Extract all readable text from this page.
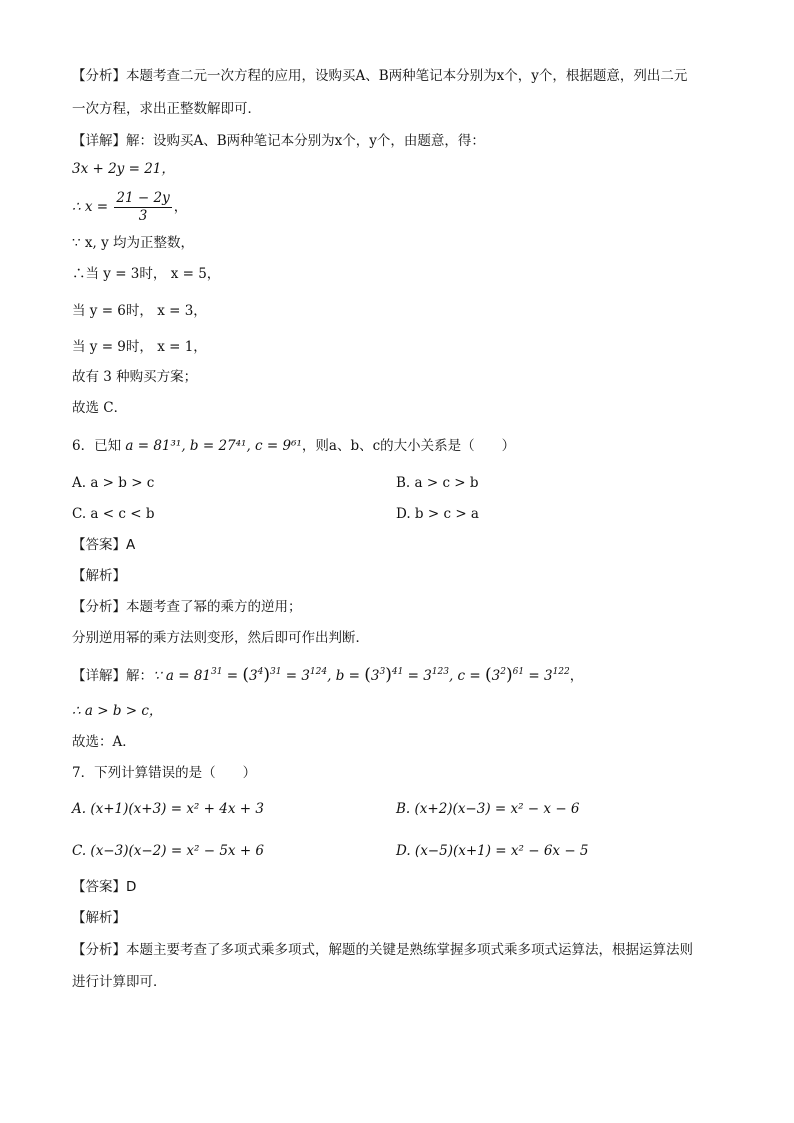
【分析】本题考查二元一次方程的应用，设购买A、B两种笔记本分别为x个，y个，根据题意，列出二元
一次方程，求出正整数解即可．
【详解】解：设购买A、B两种笔记本分别为x个，y个，由题意，得：
3x + 2y = 21，
∴ $x = \frac{21 - 2y}{3}$ ，
∵ x, y 均为正整数，
∴当 y = 3时， x = 5，
当 y = 6时， x = 3，
当 y = 9时， x = 1，
故有 3 种购买方案；
故选 C．
6．已知 a = 81³¹, b = 27⁴¹, c = 9⁶¹，则a、b、c的大小关系是（　　）
A. a > b > c	B. a > c > b
C. a < c < b	D. b > c > a
【答案】A
【解析】
【分析】本题考查了幂的乘方的逆用；
分别逆用幂的乘方法则变形，然后即可作出判断．
【详解】解：∵ $a = 81^{31} = (3^4)^{31} = 3^{124}$, $b = (3^3)^{41} = 3^{123}$, $c = (3^2)^{61} = 3^{122}$，
∴ a > b > c，
故选：A．
7．下列计算错误的是（　　）
A. (x+1)(x+3) = x² + 4x + 3	B. (x+2)(x−3) = x² − x − 6
C. (x−3)(x−2) = x² − 5x + 6	D. (x−5)(x+1) = x² − 6x − 5
【答案】D
【解析】
【分析】本题主要考查了多项式乘多项式，解题的关键是熟练掌握多项式乘多项式运算法，根据运算法则
进行计算即可．
